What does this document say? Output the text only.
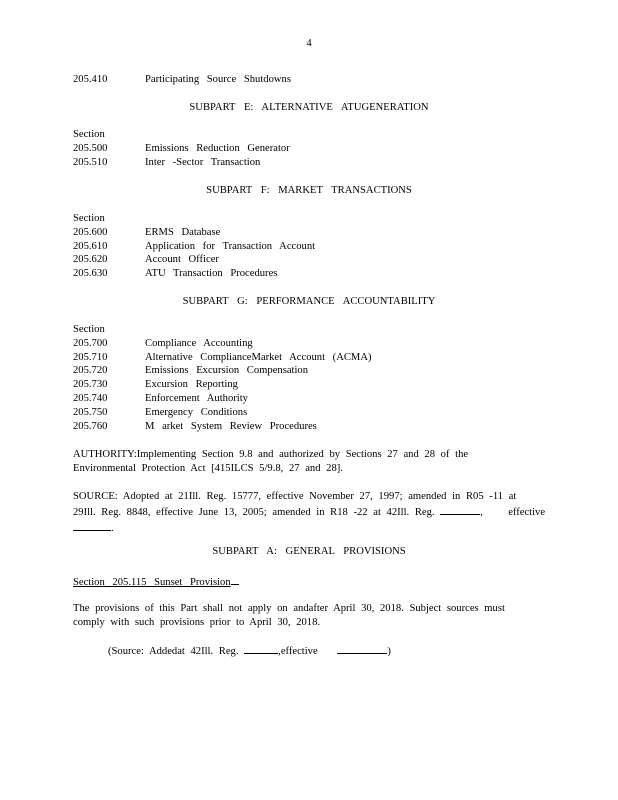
4
205.410	Participating Source Shutdowns
SUBPART E: ALTERNATIVE ATUGENERATION
Section
205.500	Emissions Reduction Generator
205.510	Inter -Sector Transaction
SUBPART F: MARKET TRANSACTIONS
Section
205.600	ERMS Database
205.610	Application for Transaction Account
205.620	Account Officer
205.630	ATU Transaction Procedures
SUBPART G: PERFORMANCE ACCOUNTABILITY
Section
205.700	Compliance Accounting
205.710	Alternative ComplianceMarket Account (ACMA)
205.720	Emissions Excursion Compensation
205.730	Excursion Reporting
205.740	Enforcement Authority
205.750	Emergency Conditions
205.760	M arket System Review Procedures
AUTHORITY:Implementing Section 9.8 and authorized by Sections 27 and 28 of the
Environmental Protection Act [415ILCS 5/9.8, 27 and 28].
SOURCE: Adopted at 21Ill. Reg. 15777, effective November 27, 1997; amended in R05 -11 at
29Ill. Reg. 8848, effective June 13, 2005; amended in R18 -22 at 42Ill. Reg.	, effective
.
SUBPART A: GENERAL PROVISIONS
Section 205.115 Sunset Provision
The provisions of this Part shall not apply on andafter April 30, 2018. Subject sources must
comply with such provisions prior to April 30, 2018.
(Source: Addedat 42Ill. Reg.	,effective	)
